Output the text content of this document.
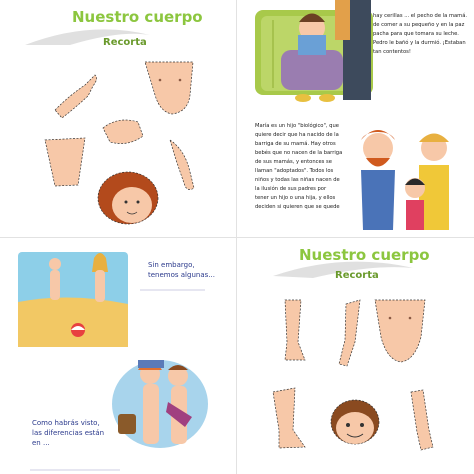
Nuestro cuerpo
Recorta
hay cerillas ... el pecho de la mamá.
de comer a su pequeño y en la paz
pacha para que tomara su leche.
Pedro le bañó y la durmió. ¡Estaban
tan contentos!
María es un hijo "biológico", que
quiere decir que ha nacido de la
barriga de su mamá. Hay otros
bebés que no nacen de la barriga
de sus mamás, y entonces se
llaman "adoptados". Todos los
niños y todas las niñas nacen de
la ilusión de sus padres por
tener un hijo o una hija, y ellos
deciden si quieren que se quede
Sin embargo,
tenemos algunas...
Como habrás visto,
las diferencias están
en ...
Nuestro cuerpo
Recorta
